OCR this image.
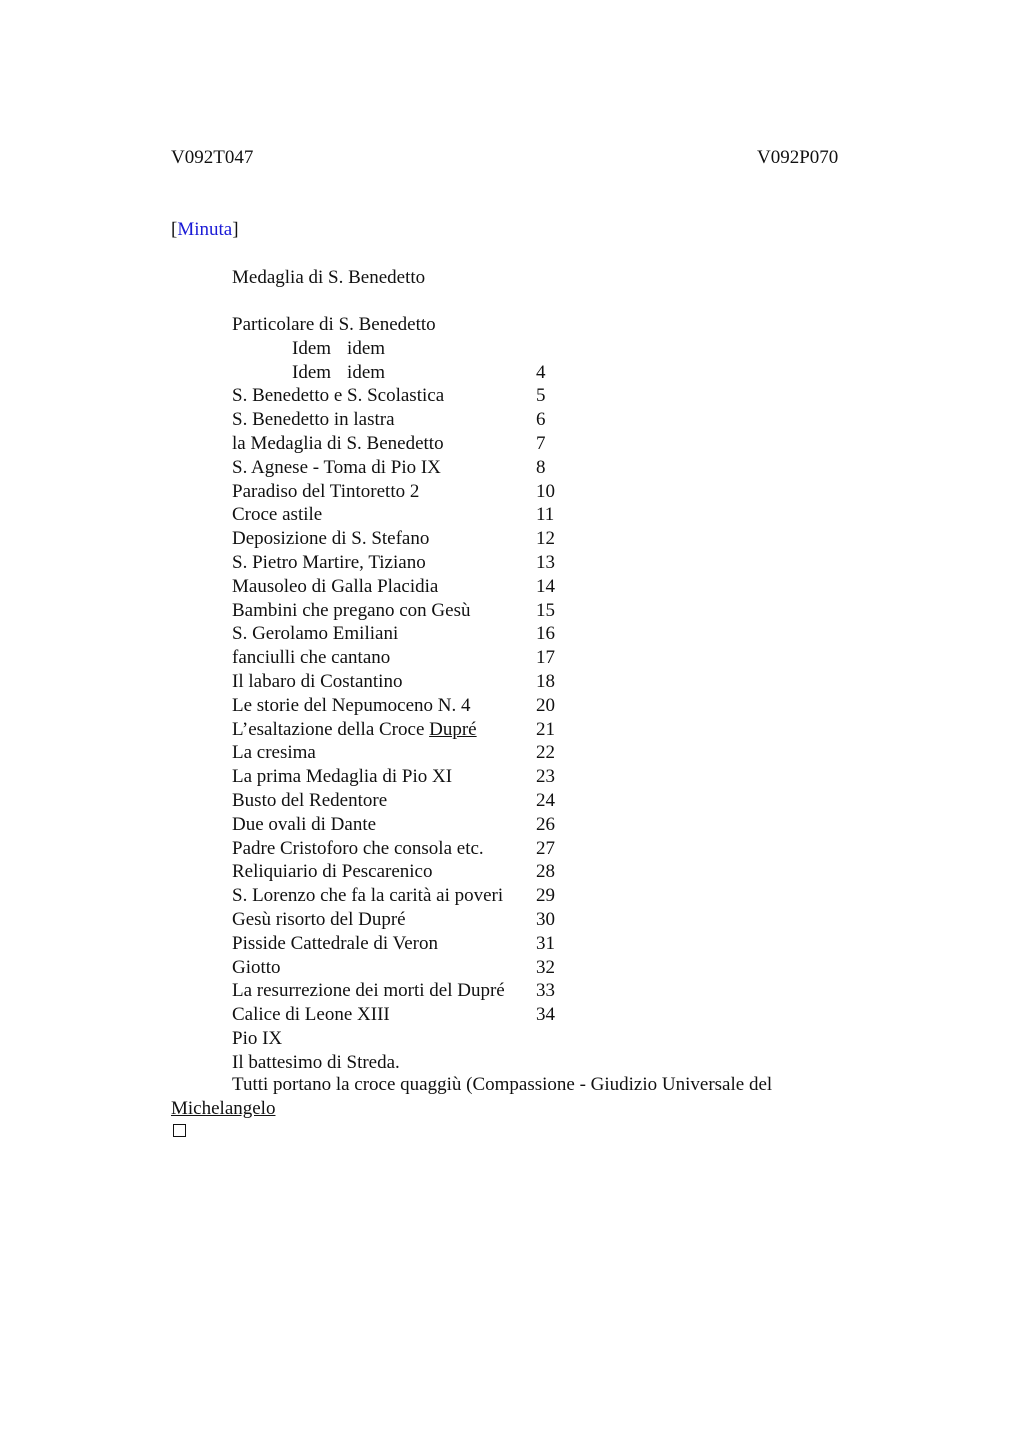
V092T047	V092P070
[Minuta]
Medaglia di S. Benedetto
Particolare di S. Benedetto
Idem idem
Idem idem	4
S. Benedetto e S. Scolastica	5
S. Benedetto in lastra	6
la Medaglia di S. Benedetto	7
S. Agnese - Toma di Pio IX	8
Paradiso del Tintoretto 2	10
Croce astile	11
Deposizione di S. Stefano	12
S. Pietro Martire, Tiziano	13
Mausoleo di Galla Placidia	14
Bambini che pregano con Gesù	15
S. Gerolamo Emiliani	16
fanciulli che cantano	17
Il labaro di Costantino	18
Le storie del Nepumoceno N. 4	20
L’esaltazione della Croce Dupré	21
La cresima	22
La prima Medaglia di Pio XI	23
Busto del Redentore	24
Due ovali di Dante	26
Padre Cristoforo che consola etc.	27
Reliquiario di Pescarenico	28
S. Lorenzo che fa la carità ai poveri 29
Gesù risorto del Dupré	30
Pisside Cattedrale di Veron	31
Giotto	32
La resurrezione dei morti del Dupré 33
Calice di Leone XIII	34
Pio IX
Il battesimo di Streda.
Tutti portano la croce quaggiù (Compassione - Giudizio Universale del
Michelangelo
